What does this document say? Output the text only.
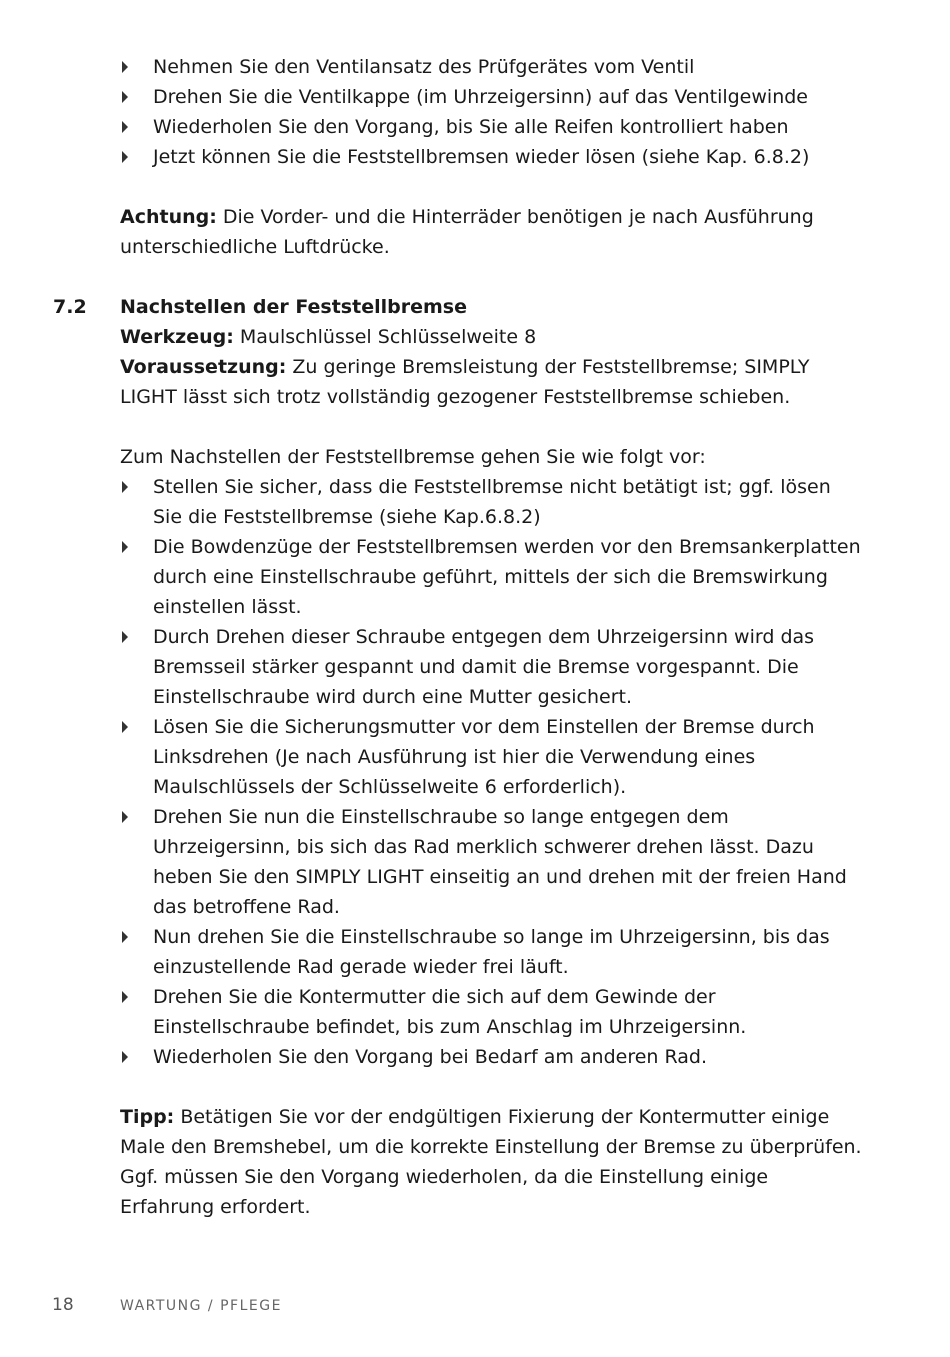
Nehmen Sie den Ventilansatz des Prüfgerätes vom Ventil
Drehen Sie die Ventilkappe (im Uhrzeigersinn) auf das Ventilgewinde
Wiederholen Sie den Vorgang, bis Sie alle Reifen kontrolliert haben
Jetzt können Sie die Feststellbremsen wieder lösen (siehe Kap. 6.8.2)

Achtung: Die Vorder- und die Hinterräder benötigen je nach Ausführung unterschiedliche Luftdrücke.

7.2 Nachstellen der Feststellbremse

Werkzeug: Maulschlüssel Schlüsselweite 8

Voraussetzung: Zu geringe Bremsleistung der Feststellbremse; SIMPLY LIGHT lässt sich trotz vollständig gezogener Feststellbremse schieben.

Zum Nachstellen der Feststellbremse gehen Sie wie folgt vor:

Stellen Sie sicher, dass die Feststellbremse nicht betätigt ist; ggf. lösen Sie die Feststellbremse (siehe Kap.6.8.2)
Die Bowdenzüge der Feststellbremsen werden vor den Bremsankerplatten durch eine Einstellschraube geführt, mittels der sich die Bremswirkung einstellen lässt.
Durch Drehen dieser Schraube entgegen dem Uhrzeigersinn wird das Bremsseil stärker gespannt und damit die Bremse vorgespannt. Die Einstellschraube wird durch eine Mutter gesichert.
Lösen Sie die Sicherungsmutter vor dem Einstellen der Bremse durch Linksdrehen (Je nach Ausführung ist hier die Verwendung eines Maulschlüssels der Schlüsselweite 6 erforderlich).
Drehen Sie nun die Einstellschraube so lange entgegen dem Uhrzeigersinn, bis sich das Rad merklich schwerer drehen lässt. Dazu heben Sie den SIMPLY LIGHT einseitig an und drehen mit der freien Hand das betroffene Rad.
Nun drehen Sie die Einstellschraube so lange im Uhrzeigersinn, bis das einzustellende Rad gerade wieder frei läuft.
Drehen Sie die Kontermutter die sich auf dem Gewinde der Einstellschraube befindet, bis zum Anschlag im Uhrzeigersinn.
Wiederholen Sie den Vorgang bei Bedarf am anderen Rad.

Tipp: Betätigen Sie vor der endgültigen Fixierung der Kontermutter einige Male den Bremshebel, um die korrekte Einstellung der Bremse zu überprüfen. Ggf. müssen Sie den Vorgang wiederholen, da die Einstellung einige Erfahrung erfordert.

18	WARTUNG / PFLEGE
